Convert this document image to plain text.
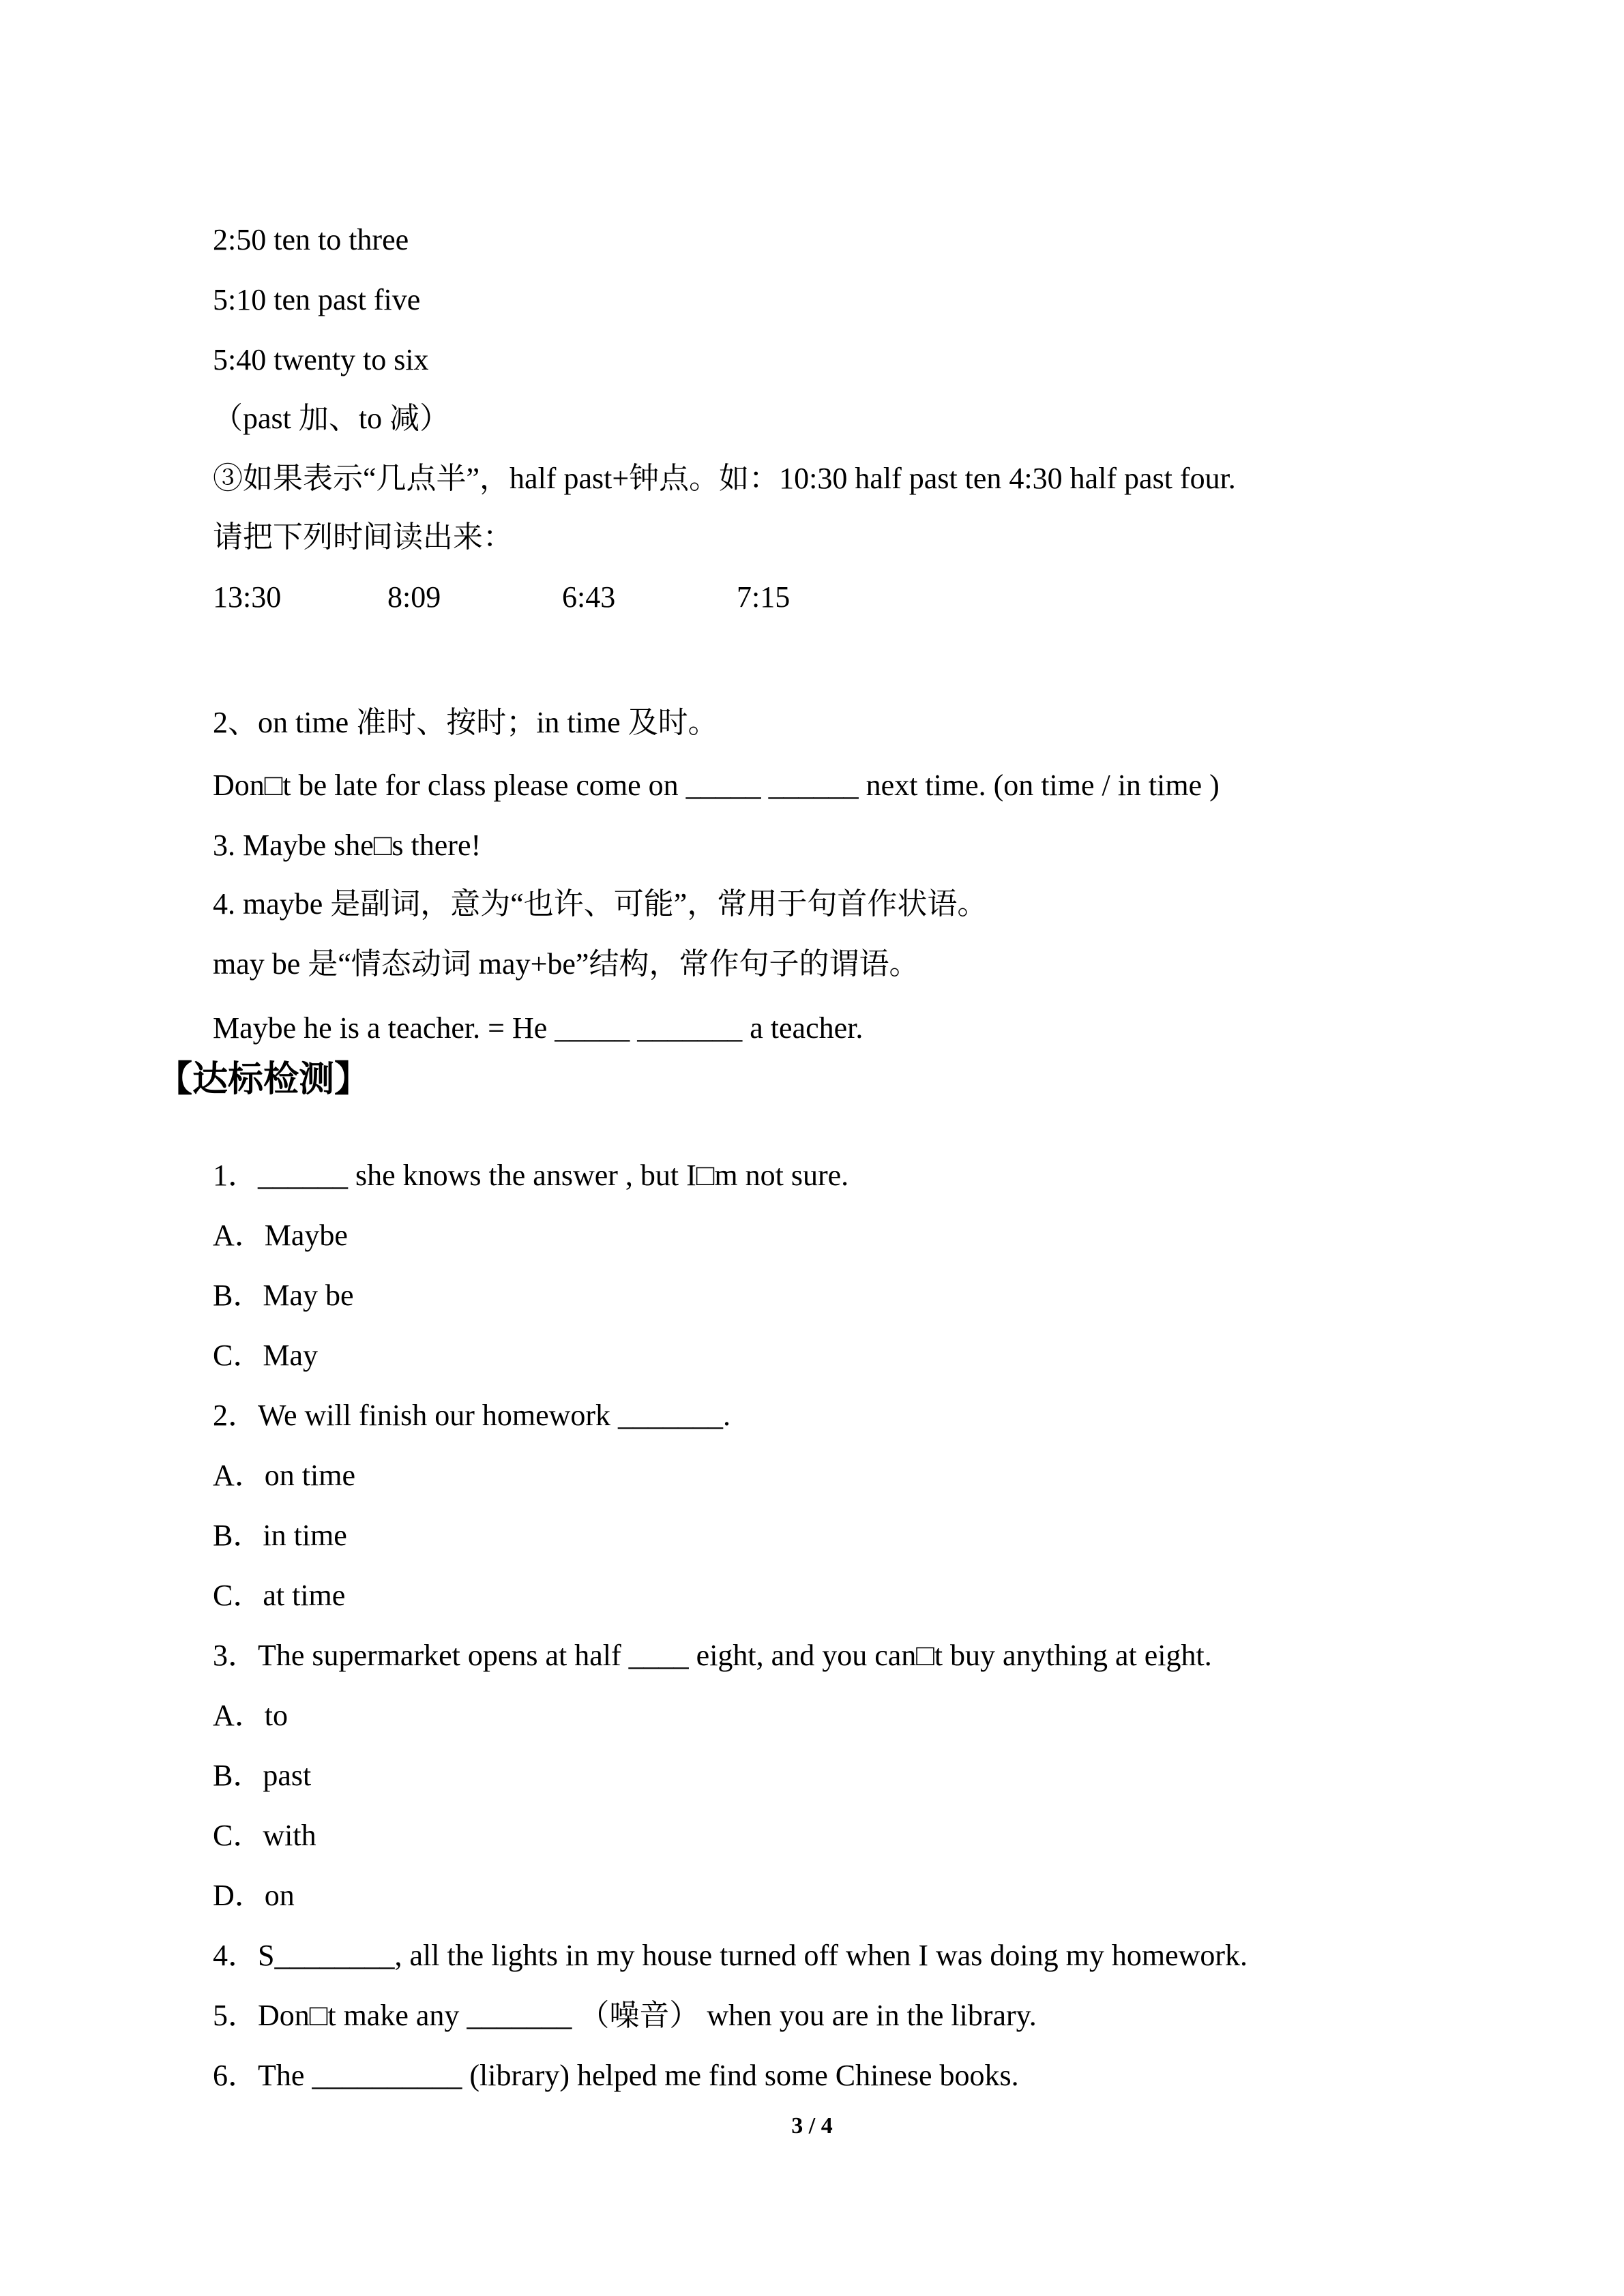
2:50 ten to three
5:10 ten past five
5:40 twenty to six
（past 加、to 减）
③如果表示“几点半”，half past+钟点。如：10:30 half past ten 4:30 half past four.
请把下列时间读出来：

13:30

	8:09

	6:43

	7:15

2、on time 准时、按时；in time 及时。
Don□t be late for class please come on _____ ______ next time. (on time / in time )
3. Maybe she□s there!
4. maybe 是副词，意为“也许、可能”，常用于句首作状语。
may be 是“情态动词 may+be”结构，常作句子的谓语。
Maybe he is a teacher. = He _____ _______ a teacher.
【达标检测】
1．______ she knows the answer , but I□m not sure.
A．Maybe
B．May be
C．May
2．We will finish our homework _______.
A．on time
B．in time
C．at time
3．The supermarket opens at half ____ eight, and you can□t buy anything at eight.
A．to
B．past
C．with
D．on
4．S________, all the lights in my house turned off when I was doing my homework.
5．Don□t make any _______ （噪音） when you are in the library.
6．The __________ (library) helped me find some Chinese books.
3 / 4
